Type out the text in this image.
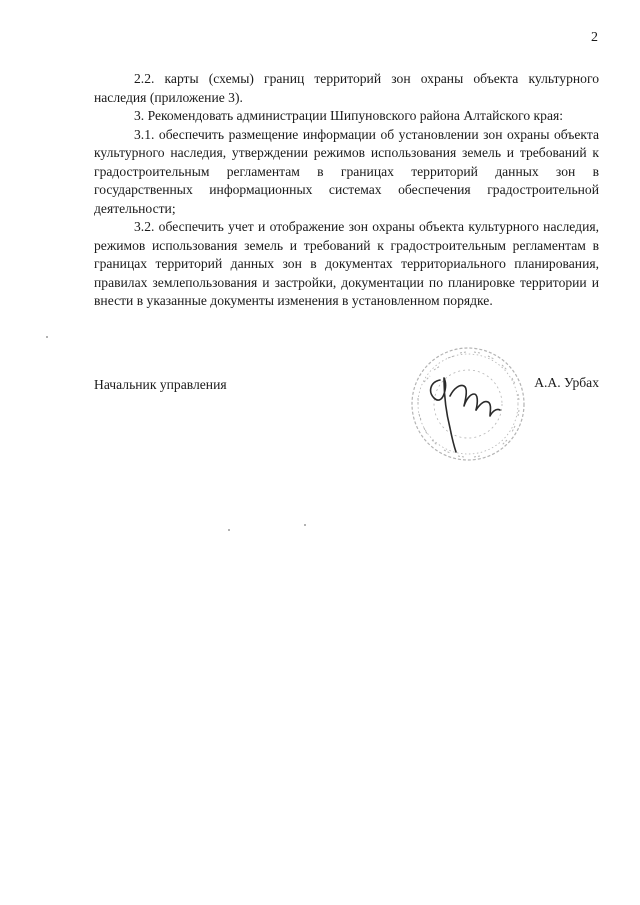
2

2.2. карты (схемы) границ территорий зон охраны объекта культурного наследия (приложение 3).

3. Рекомендовать администрации Шипуновского района Алтайского края:

3.1. обеспечить размещение информации об установлении зон охраны объекта культурного наследия, утверждении режимов использования земель и требований к градостроительным регламентам в границах территорий данных зон в государственных информационных системах обеспечения градостроительной деятельности;

3.2. обеспечить учет и отображение зон охраны объекта культурного наследия, режимов использования земель и требований к градостроительным регламентам в границах территорий данных зон в документах территориального планирования, правилах землепользования и застройки, документации по планировке территории и внести в указанные документы изменения в установленном порядке.

Начальник управления	А.А. Урбах
